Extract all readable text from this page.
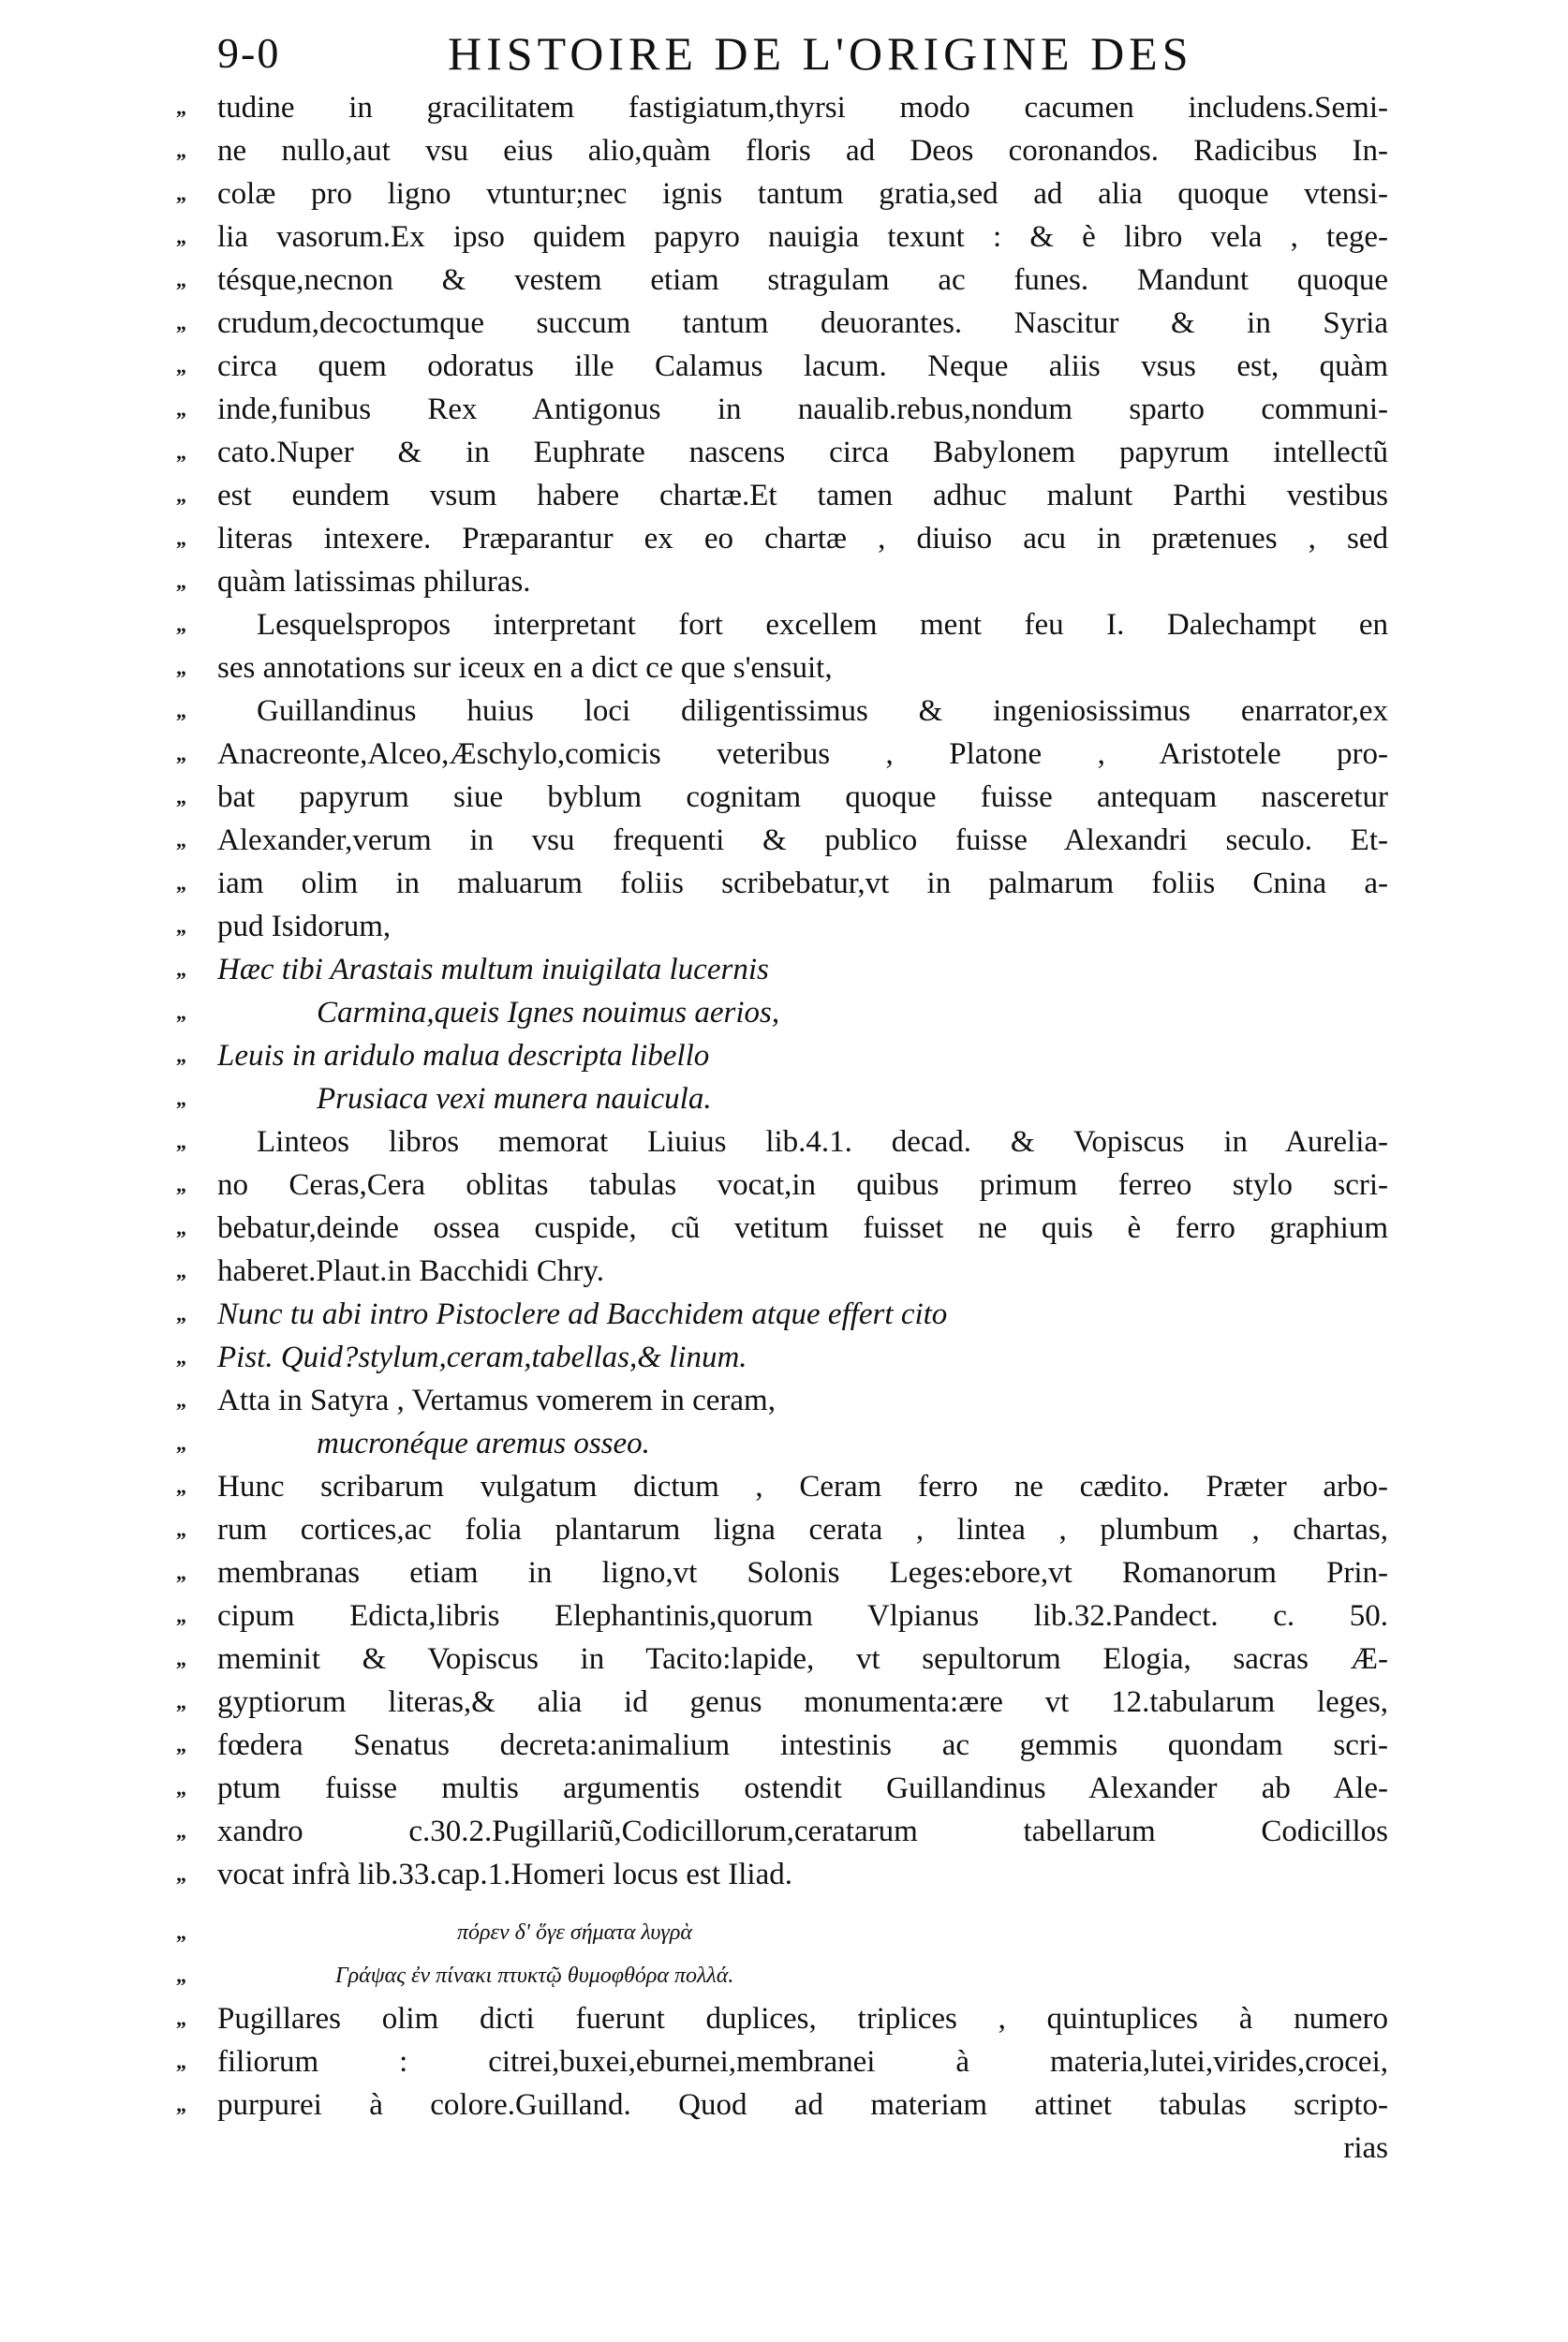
9-0	HISTOIRE DE L'ORIGINE DES
„	tudine in gracilitatem fastigiatum,thyrsi modo cacumen includens.Semi-
„	ne nullo,aut vsu eius alio,quàm floris ad Deos coronandos. Radicibus In-
„	colæ pro ligno vtuntur;nec ignis tantum gratia,sed ad alia quoque vtensi-
„	lia vasorum.Ex ipso quidem papyro nauigia texunt : & è libro vela , tege-
„	tésque,necnon & vestem etiam stragulam ac funes. Mandunt quoque
„	crudum,decoctumque succum tantum deuorantes. Nascitur & in Syria
„	circa quem odoratus ille Calamus lacum. Neque aliis vsus est, quàm
„	inde,funibus Rex Antigonus in naualib.rebus,nondum sparto communi-
„	cato.Nuper & in Euphrate nascens circa Babylonem papyrum intellectũ
„	est eundem vsum habere chartæ.Et tamen adhuc malunt Parthi vestibus
„	literas intexere. Præparantur ex eo chartæ , diuiso acu in prætenues , sed
„	quàm latissimas philuras.
„	Lesquelspropos interpretant fort excellem ment feu I. Dalechampt en
„	ses annotations sur iceux en a dict ce que s'ensuit,
„	Guillandinus huius loci diligentissimus & ingeniosissimus enarrator,ex
„	Anacreonte,Alceo,Æschylo,comicis veteribus , Platone , Aristotele pro-
„	bat papyrum siue byblum cognitam quoque fuisse antequam nasceretur
„	Alexander,verum in vsu frequenti & publico fuisse Alexandri seculo. Et-
„	iam olim in maluarum foliis scribebatur,vt in palmarum foliis Cnina a-
„	pud Isidorum,
„	Hæc tibi Arastais multum inuigilata lucernis
„	Carmina,queis Ignes nouimus aerios,
„	Leuis in aridulo malua descripta libello
„	Prusiaca vexi munera nauicula.
„	Linteos libros memorat Liuius lib.4.1. decad. & Vopiscus in Aurelia-
„	no Ceras,Cera oblitas tabulas vocat,in quibus primum ferreo stylo scri-
„	bebatur,deinde ossea cuspide, cũ vetitum fuisset ne quis è ferro graphium
„	haberet.Plaut.in Bacchidi Chry.
„	Nunc tu abi intro Pistoclere ad Bacchidem atque effert cito
„	Pist. Quid?stylum,ceram,tabellas,& linum.
„	Atta in Satyra , Vertamus vomerem in ceram,
„	mucronéque aremus osseo.
„	Hunc scribarum vulgatum dictum , Ceram ferro ne cædito. Præter arbo-
„	rum cortices,ac folia plantarum ligna cerata , lintea , plumbum , chartas,
„	membranas etiam in ligno,vt Solonis Leges:ebore,vt Romanorum Prin-
„	cipum Edicta,libris Elephantinis,quorum Vlpianus lib.32.Pandect. c. 50.
„	meminit & Vopiscus in Tacito:lapide, vt sepultorum Elogia, sacras Æ-
„	gyptiorum literas,& alia id genus monumenta:ære vt 12.tabularum leges,
„	fœdera Senatus decreta:animalium intestinis ac gemmis quondam scri-
„	ptum fuisse multis argumentis ostendit Guillandinus Alexander ab Ale-
„	xandro c.30.2.Pugillariũ,Codicillorum,ceratarum tabellarum Codicillos
„	vocat infrà lib.33.cap.1.Homeri locus est Iliad.
„	πόρεν δ' ὅγε σήματα λυγρὰ
„	Γράψας ἐν πίνακι πτυκτῷ θυμοφθόρα πολλά.
„	Pugillares olim dicti fuerunt duplices, triplices , quintuplices à numero
„	filiorum : citrei,buxei,eburnei,membranei à materia,lutei,virides,crocei,
„	purpurei à colore.Guilland. Quod ad materiam attinet tabulas scripto-
rias
